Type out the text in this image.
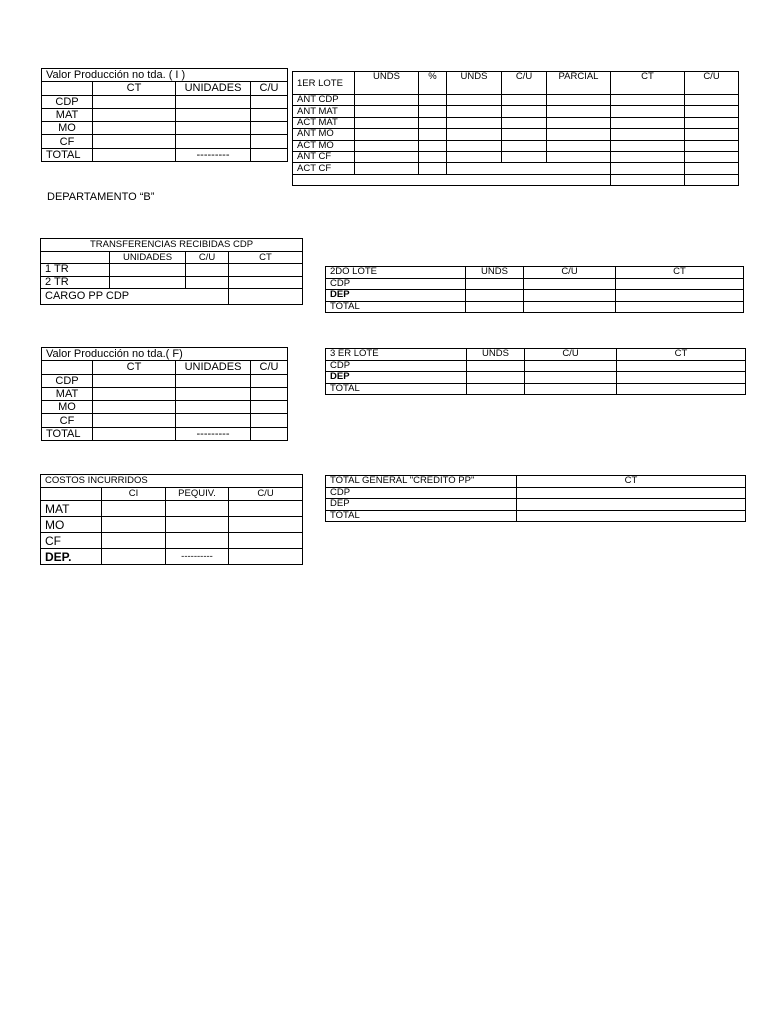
Valor Producción no tda. ( I )			
	CT	UNIDADES	C/U
CDP			
MAT			
MO			
CF			
TOTAL		---------	
1ER LOTE	UNDS	%	UNDS	C/U	PARCIAL	CT	C/U
ANT CDP							
ANT MAT							
ACT MAT							
ANT MO							
ACT MO							
ANT CF							
ACT CF							

DEPARTAMENTO “B”
TRANSFERENCIAS RECIBIDAS CDP			
	UNIDADES	C/U	CT
1 TR			
2 TR			
CARGO PP CDP			
2DO LOTE	UNDS	C/U	CT
CDP			
DEP			
TOTAL			
Valor Producción no tda.( F)			
	CT	UNIDADES	C/U
CDP			
MAT			
MO			
CF			
TOTAL		---------	
3 ER LOTE	UNDS	C/U	CT
CDP			
DEP			
TOTAL			
COSTOS INCURRIDOS			
	CI	PEQUIV.	C/U
MAT			
MO			
CF			
DEP.		----------	
TOTAL GENERAL "CREDITO PP"	CT
CDP	
DEP	
TOTAL	
